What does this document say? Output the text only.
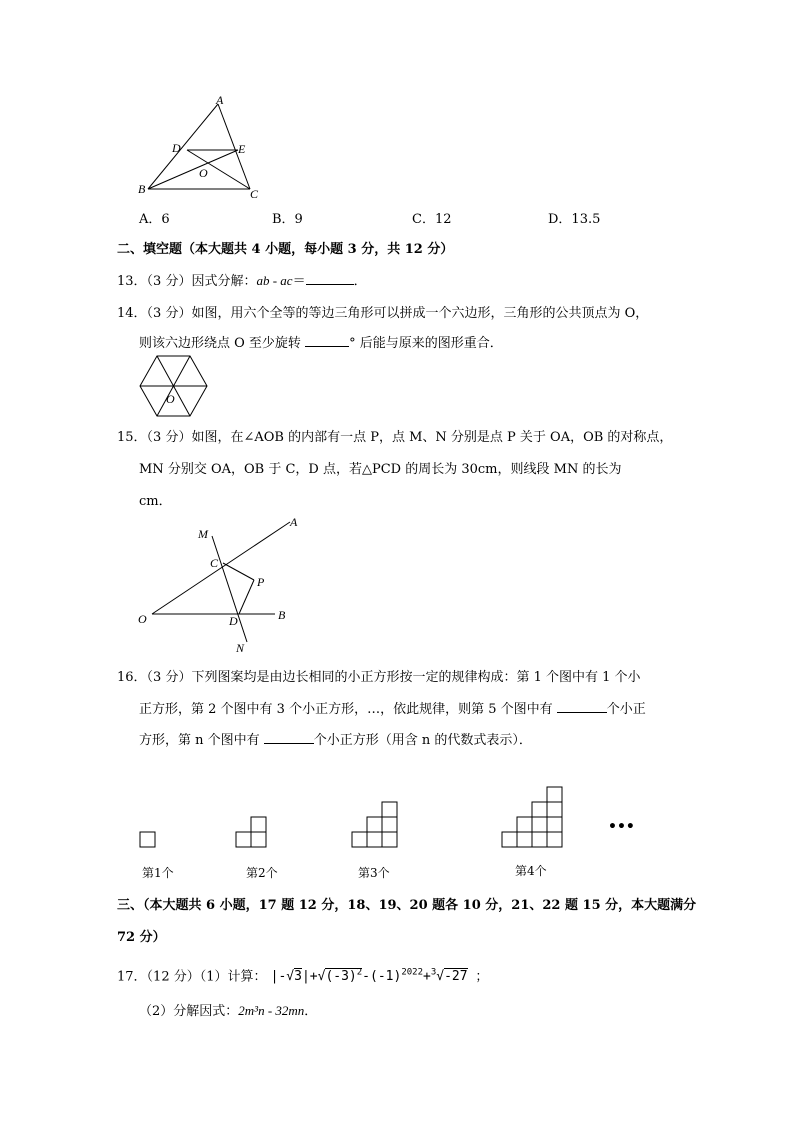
A
D	E
O
B	C
A．6	B．9	C．12	D．13.5
二、填空题（本大题共 4 小题，每小题 3 分，共 12 分）
13．（3 分）因式分解：ab - ac＝	．
14．（3 分）如图，用六个全等的等边三角形可以拼成一个六边形，三角形的公共顶点为 O，
则该六边形绕点 O 至少旋转	° 后能与原来的图形重合．
O
15．（3 分）如图，在∠AOB 的内部有一点 P，点 M、N 分别是点 P 关于 OA，OB 的对称点，
MN 分别交 OA，OB 于 C，D 点，若△PCD 的周长为 30cm，则线段 MN 的长为
cm．
M
A
C
P
O	D	B
N
16．（3 分）下列图案均是由边长相同的小正方形按一定的规律构成：第 1 个图中有 1 个小
正方形，第 2 个图中有 3 个小正方形，…，依此规律，则第 5 个图中有	个小正
方形，第 n 个图中有	个小正方形（用含 n 的代数式表示）．
•••
第1个	第2个	第3个	第4个
三、（本大题共 6 小题，17 题 12 分，18、19、20 题各 10 分，21、22 题 15 分，本大题满分
72 分）
17．（12 分）（1）计算： $|-√3|+√(-3)^2-(-1)^{2022}+^3√-27$ ；
（2）分解因式：2m³n - 32mn．
